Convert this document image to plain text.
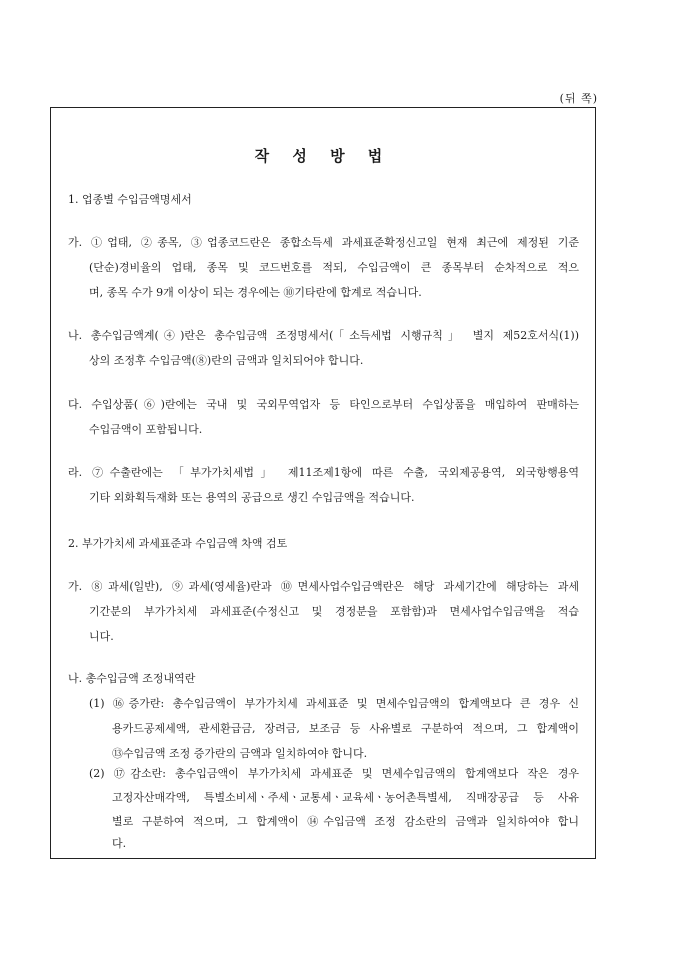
(뒤 쪽)
작 성 방 법
1. 업종별 수입금액명세서
가. ①업태, ②종목, ③업종코드란은 종합소득세 과세표준확정신고일 현재 최근에 제정된 기준
(단순)경비율의 업태, 종목 및 코드번호를 적되, 수입금액이 큰 종목부터 순차적으로 적으
며, 종목 수가 9개 이상이 되는 경우에는 ⑩기타란에 합계로 적습니다.
나. 총수입금액계(④)란은 총수입금액 조정명세서(「소득세법 시행규칙」 별지 제52호서식(1))
상의 조정후 수입금액(⑧)란의 금액과 일치되어야 합니다.
다. 수입상품(⑥)란에는 국내 및 국외무역업자 등 타인으로부터 수입상품을 매입하여 판매하는
수입금액이 포함됩니다.
라. ⑦수출란에는 「부가가치세법」 제11조제1항에 따른 수출, 국외제공용역, 외국항행용역
기타 외화획득재화 또는 용역의 공급으로 생긴 수입금액을 적습니다.
2. 부가가치세 과세표준과 수입금액 차액 검토
가. ⑧과세(일반), ⑨과세(영세율)란과 ⑩면세사업수입금액란은 해당 과세기간에 해당하는 과세
기간분의 부가가치세 과세표준(수정신고 및 경정분을 포함함)과 면세사업수입금액을 적습
니다.
나. 총수입금액 조정내역란
(1) ⑯증가란: 총수입금액이 부가가치세 과세표준 및 면세수입금액의 합계액보다 큰 경우 신
용카드공제세액, 관세환급금, 장려금, 보조금 등 사유별로 구분하여 적으며, 그 합계액이
⑬수입금액 조정 증가란의 금액과 일치하여야 합니다.
(2) ⑰감소란: 총수입금액이 부가가치세 과세표준 및 면세수입금액의 합계액보다 작은 경우
고정자산매각액, 특별소비세ㆍ주세ㆍ교통세ㆍ교육세ㆍ농어촌특별세, 직매장공급 등 사유
별로 구분하여 적으며, 그 합계액이 ⑭수입금액 조정 감소란의 금액과 일치하여야 합니
다.
